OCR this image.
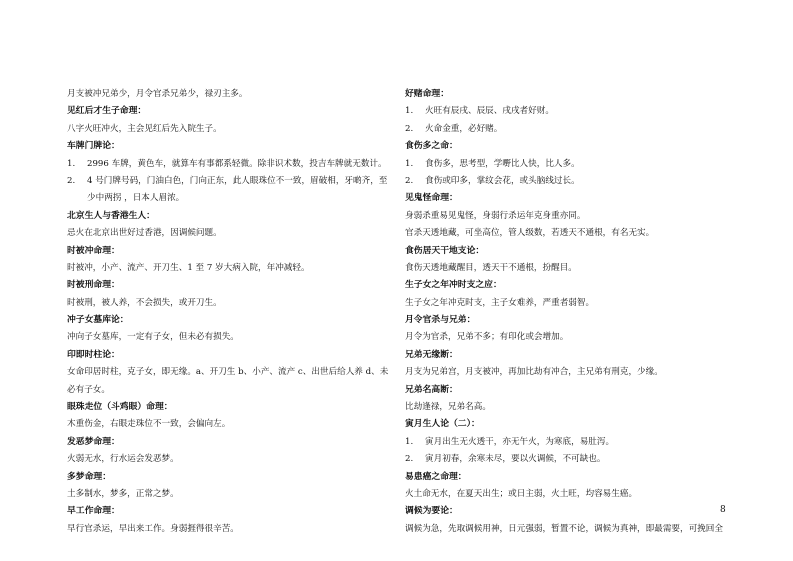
月支被冲兄弟少，月令官杀兄弟少，禄刃主多。
见红后才生子命理：
八字火旺冲火，主会见红后先入院生子。
车牌门牌论：
1. 2996 车牌，黄色车，就算车有事都系轻微。除非识术数，投吉车牌就无数计。
2. 4 号门牌号码，门油白色，门向正东，此人眼珠位不一致，眉破相，牙啲齐，至
少中两拐 ，日本人眉浓。
北京生人与香港生人：
忌火在北京出世好过香港，因调候问题。
时被冲命理：
时被冲，小产、流产、开刀生、1 至 7 岁大病入院，年冲减轻。
时被刑命理：
时被刑，被人养，不会损失，或开刀生。
冲子女墓库论：
冲向子女墓库，一定有子女，但未必有损失。
印即时柱论：
女命印居时柱，克子女，即无缘。a、开刀生 b、小产、流产 c、出世后给人养 d、未
必有子女。
眼珠走位（斗鸡眼）命理：
木重伤金，右眼走珠位不一致，会偏向左。
发恶梦命理：
火弱无水，行水运会发恶梦。
多梦命理：
土多制水，梦多，正常之梦。
早工作命理：
早行官杀运，早出来工作。身弱捱得很辛苦。
好赌命理：
1. 火旺有辰戌、辰辰、戌戌者好财。
2. 火命金重，必好赌。
食伤多之命：
1. 食伤多，思考型，学嘢比人快，比人多。
2. 食伤或印多，掌纹会花，或头脑线过长。
见鬼怪命理：
身弱杀重易见鬼怪，身弱行杀运年克身重亦同。
官杀天透地藏，可坐高位，管人级数，若透天不通根，有名无实。
食伤居天干地支论：
食伤天透地藏醒目，透天干不通根，扮醒目。
生子女之年冲时支之应：
生子女之年冲克时支，主子女难养，严重者弱智。
月令官杀与兄弟：
月令为官杀，兄弟不多；有印化或会增加。
兄弟无缘断：
月支为兄弟宫，月支被冲，再加比劫有冲合，主兄弟有刑克，少缘。
兄弟名高断：
比劫逢禄，兄弟名高。
寅月生人论（二）：
1. 寅月出生无火透干，亦无午火，为寒底，易肚泻。
2. 寅月初春，余寒未尽，要以火调候，不可缺也。
易患癌之命理：
火土命无水，在夏天出生；或日主弱，火土旺，均容易生癌。
调候为要论：
调候为急，先取调候用神，日元强弱，暂置不论，调候为真神，即最需要，可挽回全
8
